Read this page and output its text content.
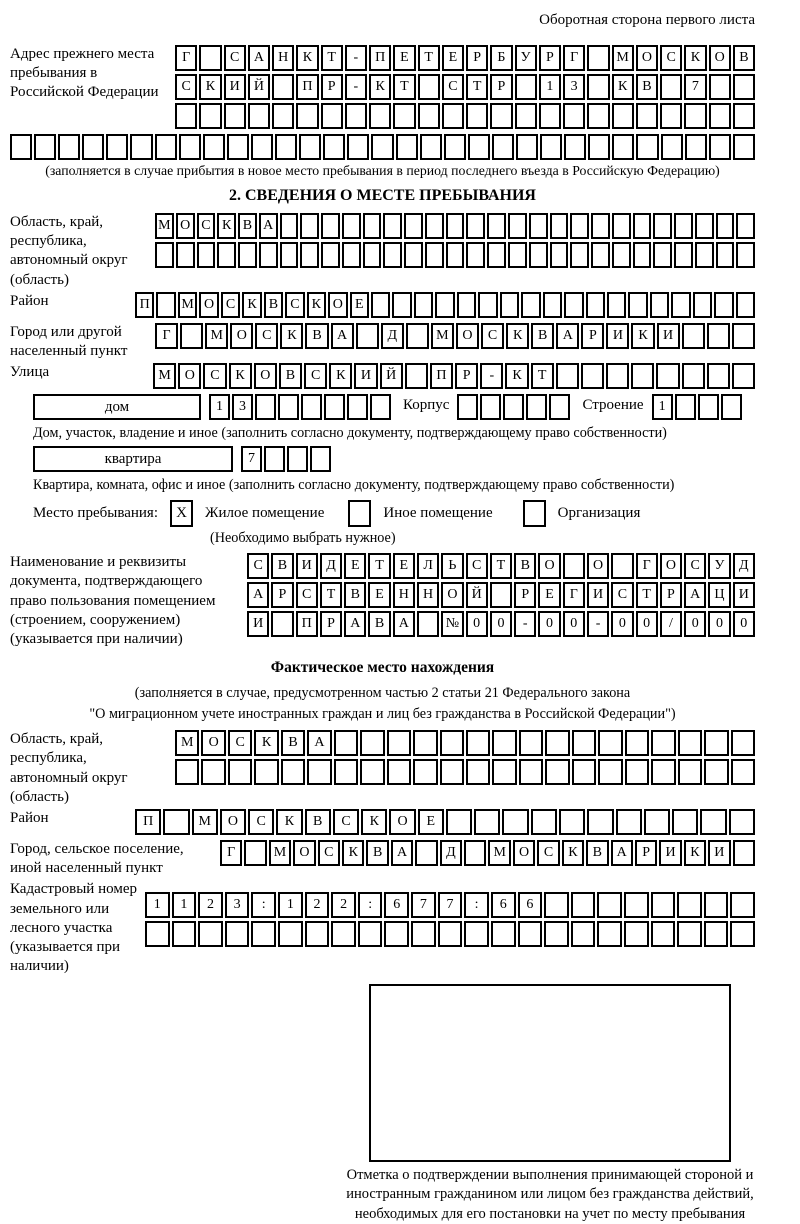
Оборотная сторона первого листа
Адрес прежнего места пребывания в Российской Федерации
Г	С	А	Н	К	Т	-	П	Е	Т	Е	Р	Б	У	Р	Г	М О	С	К	О	В
С	К	И	Й	П	Р	-	К	Т	С	Т	Р	1	3	К	В	7
(заполняется в случае прибытия в новое место пребывания в период последнего въезда в Российскую Федерацию)
2. СВЕДЕНИЯ О МЕСТЕ ПРЕБЫВАНИЯ
Область, край, республика, автономный округ (область)
М О С К В А
Район	П	М О С К В С К О Е
Город или другой населенный пункт
Г	М О	С	К	В	А	Д	М О	С	К	В	А	Р	И	К	И
Улица	М О	С	К	О	В	С	К	И	Й	П	Р	-	К	Т
дом	1	3	Корпус	Строение	1
Дом, участок, владение и иное (заполнить согласно документу, подтверждающему право собственности)
квартира	7
Квартира, комната, офис и иное (заполнить согласно документу, подтверждающему право собственности)
Место пребывания: X Жилое помещение	Иное помещение	Организация
(Необходимо выбрать нужное)
Наименование и реквизиты документа, подтверждающего право пользования помещением (строением, сооружением) (указывается при наличии)
С	В	И	Д	Е	Т	Е	Л	Ь	С	Т	В	О	О	Г	О	С	У	Д
А	Р	С	Т	В	Е	Н	Н	О	Й	Р	Е	Г	И	С	Т	Р	А	Ц	И
И	П	Р	А	В	А	№	0	0	-	0	0	-	0	0	/	0	0	0
Фактическое место нахождения
(заполняется в случае, предусмотренном частью 2 статьи 21 Федерального закона
"О миграционном учете иностранных граждан и лиц без гражданства в Российской Федерации")
Область, край, республика, автономный округ (область)
М	О	С	К	В	А
Район	П	М	О	С	К	В	С	К	О	Е
Город, сельское поселение, иной населенный пункт
Г	М О	С	К	В	А	Д	М О	С	К	В	А	Р	И	К	И
Кадастровый номер земельного или лесного участка (указывается при наличии)
1	1	2	3	:	1	2	2	:	6	7	7	:	6	6
Отметка о подтверждении выполнения принимающей стороной и иностранным гражданином или лицом без гражданства действий, необходимых для его постановки на учет по месту пребывания
